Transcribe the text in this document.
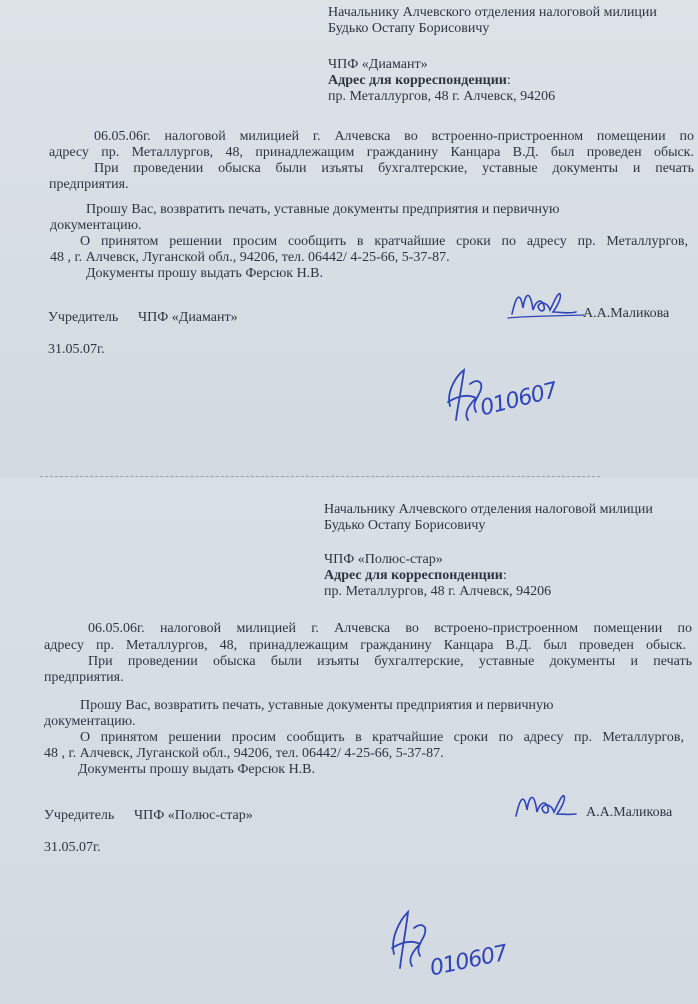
Начальнику Алчевского отделения налоговой милиции
Будько Остапу Борисовичу
ЧПФ «Диамант»
Адрес для корреспонденции:
пр. Металлургов, 48 г. Алчевск, 94206
06.05.06г. налоговой милицией г. Алчевска во встроенно-пристроенном помещении по
адресу пр. Металлургов, 48, принадлежащим гражданину Канцара В.Д. был проведен обыск.
При проведении обыска были изъяты бухгалтерские, уставные документы и печать
предприятия.
Прошу Вас, возвратить печать, уставные документы предприятия и первичную
документацию.
О принятом решении просим сообщить в кратчайшие сроки по адресу пр. Металлургов,
48 , г. Алчевск, Луганской обл., 94206, тел. 06442/ 4-25-66, 5-37-87.
Документы прошу выдать Ферсюк Н.В.
Учредитель ЧПФ «Диамант»	А.А.Маликова
31.05.07г.
010607
Начальнику Алчевского отделения налоговой милиции
Будько Остапу Борисовичу
ЧПФ «Полюс-стар»
Адрес для корреспонденции:
пр. Металлургов, 48 г. Алчевск, 94206
06.05.06г. налоговой милицией г. Алчевска во встроено-пристроенном помещении по
адресу пр. Металлургов, 48, принадлежащим гражданину Канцара В.Д. был проведен обыск.
При проведении обыска были изъяты бухгалтерские, уставные документы и печать
предприятия.
Прошу Вас, возвратить печать, уставные документы предприятия и первичную
документацию.
О принятом решении просим сообщить в кратчайшие сроки по адресу пр. Металлургов,
48 , г. Алчевск, Луганской обл., 94206, тел. 06442/ 4-25-66, 5-37-87.
Документы прошу выдать Ферсюк Н.В.
Учредитель ЧПФ «Полюс-стар»	А.А.Маликова
31.05.07г.
010607
